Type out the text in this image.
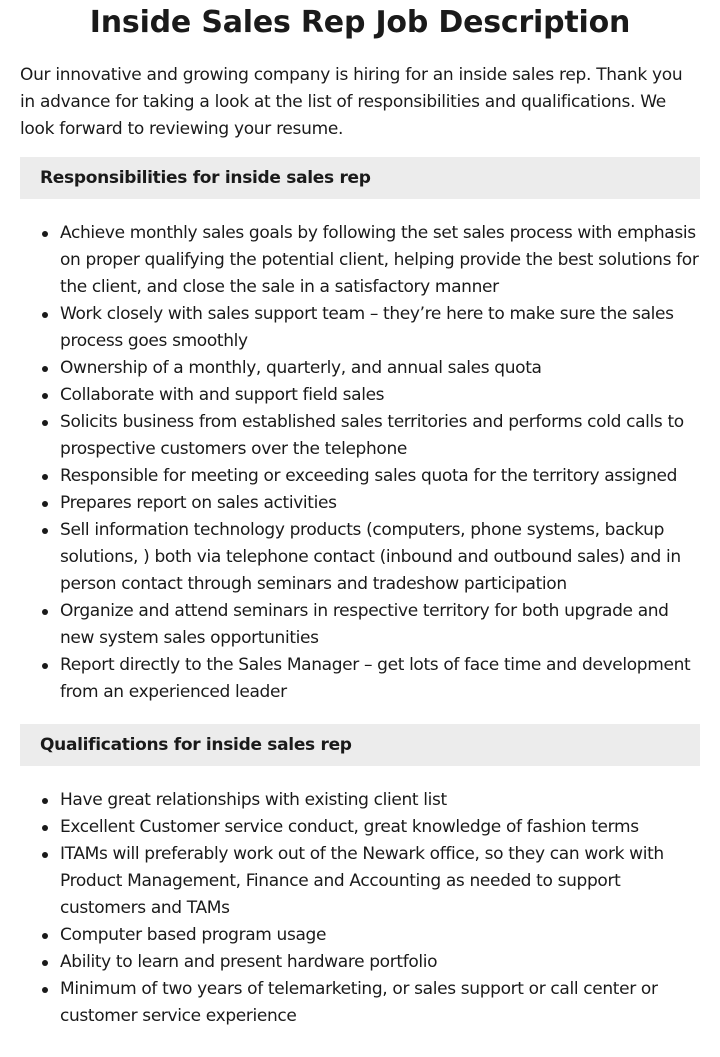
Inside Sales Rep Job Description

Our innovative and growing company is hiring for an inside sales rep. Thank you in advance for taking a look at the list of responsibilities and qualifications. We look forward to reviewing your resume.

Responsibilities for inside sales rep
Achieve monthly sales goals by following the set sales process with emphasis on proper qualifying the potential client, helping provide the best solutions for the client, and close the sale in a satisfactory manner
Work closely with sales support team – they’re here to make sure the sales process goes smoothly
Ownership of a monthly, quarterly, and annual sales quota
Collaborate with and support field sales
Solicits business from established sales territories and performs cold calls to prospective customers over the telephone
Responsible for meeting or exceeding sales quota for the territory assigned
Prepares report on sales activities
Sell information technology products (computers, phone systems, backup solutions, ) both via telephone contact (inbound and outbound sales) and in person contact through seminars and tradeshow participation
Organize and attend seminars in respective territory for both upgrade and new system sales opportunities
Report directly to the Sales Manager – get lots of face time and development from an experienced leader
Qualifications for inside sales rep
Have great relationships with existing client list
Excellent Customer service conduct, great knowledge of fashion terms
ITAMs will preferably work out of the Newark office, so they can work with Product Management, Finance and Accounting as needed to support customers and TAMs
Computer based program usage
Ability to learn and present hardware portfolio
Minimum of two years of telemarketing, or sales support or call center or customer service experience
